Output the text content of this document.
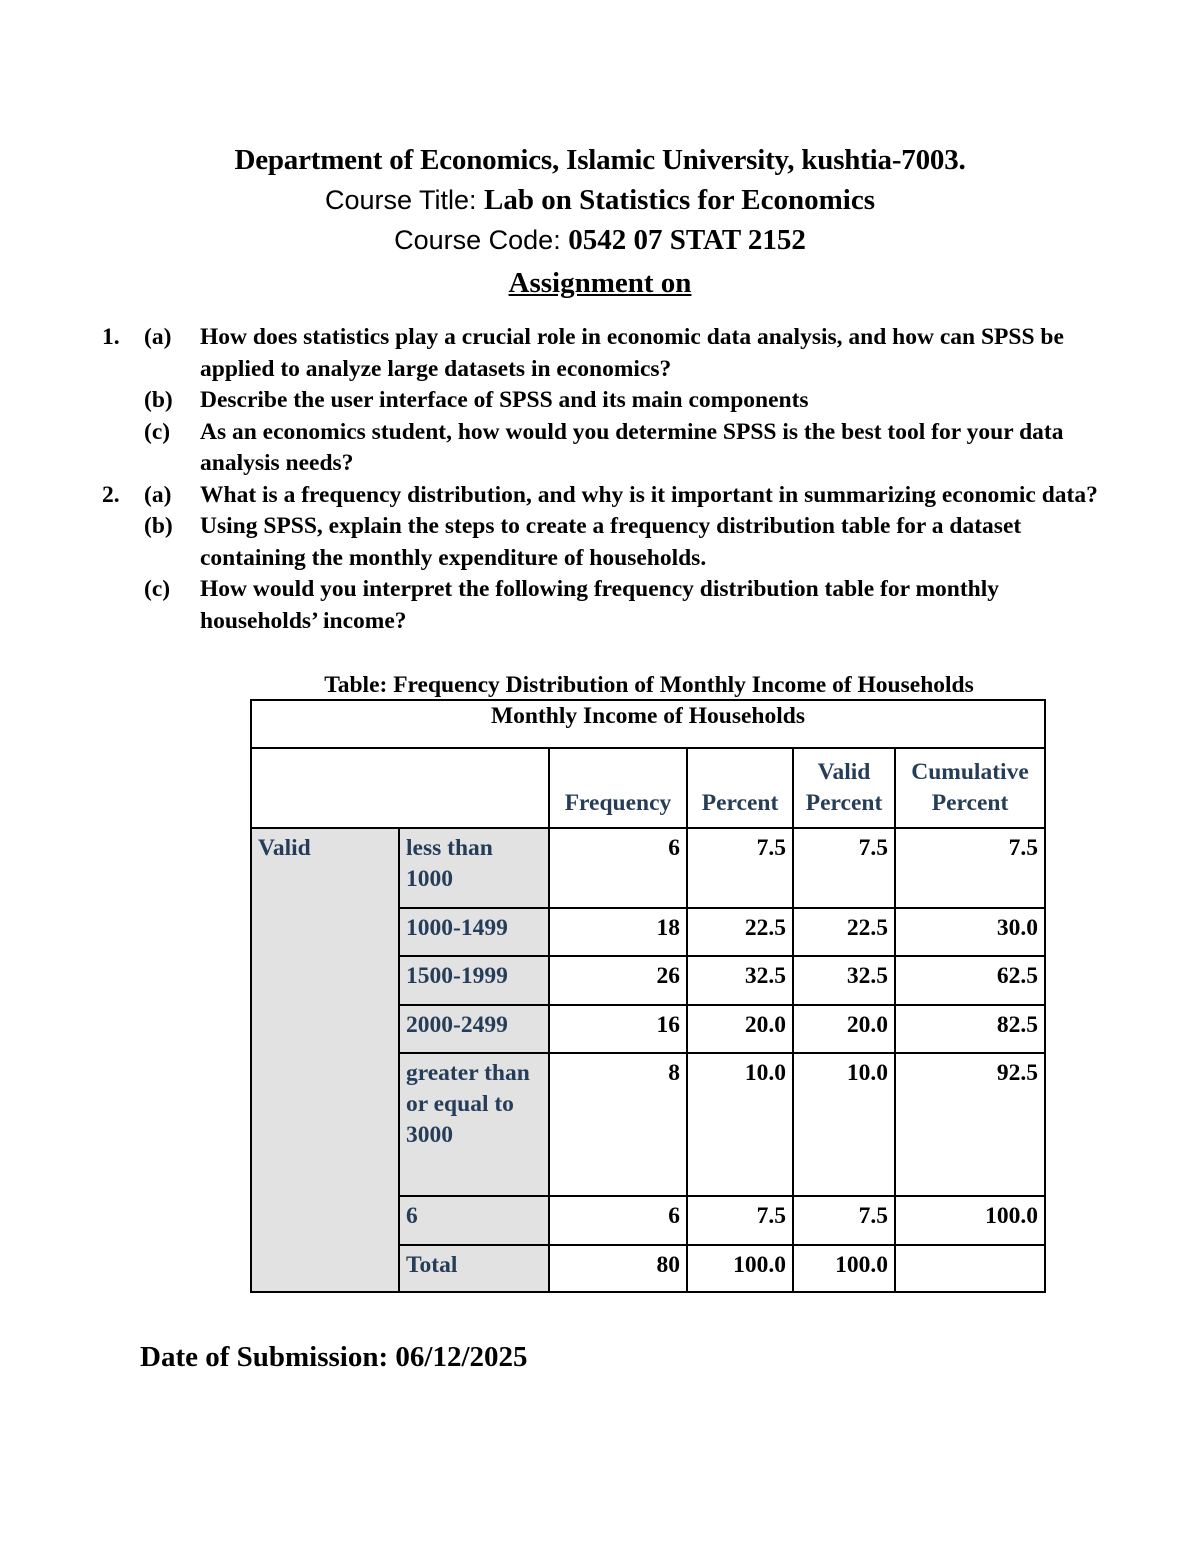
Department of Economics, Islamic University, kushtia-7003.
Course Title: Lab on Statistics for Economics
Course Code: 0542 07 STAT 2152
Assignment on
1. (a) How does statistics play a crucial role in economic data analysis, and how can SPSS be applied to analyze large datasets in economics?
(b) Describe the user interface of SPSS and its main components
(c) As an economics student, how would you determine SPSS is the best tool for your data analysis needs?
2. (a) What is a frequency distribution, and why is it important in summarizing economic data?
(b) Using SPSS, explain the steps to create a frequency distribution table for a dataset containing the monthly expenditure of households.
(c) How would you interpret the following frequency distribution table for monthly households’ income?
Table: Frequency Distribution of Monthly Income of Households
Monthly Income of Households					
		Frequency	Percent	Valid Percent	Cumulative Percent
Valid	less than 1000	6	7.5	7.5	7.5
	1000-1499	18	22.5	22.5	30.0
	1500-1999	26	32.5	32.5	62.5
	2000-2499	16	20.0	20.0	82.5
	greater than or equal to 3000	8	10.0	10.0	92.5
	6	6	7.5	7.5	100.0
	Total	80	100.0	100.0	
Date of Submission: 06/12/2025
